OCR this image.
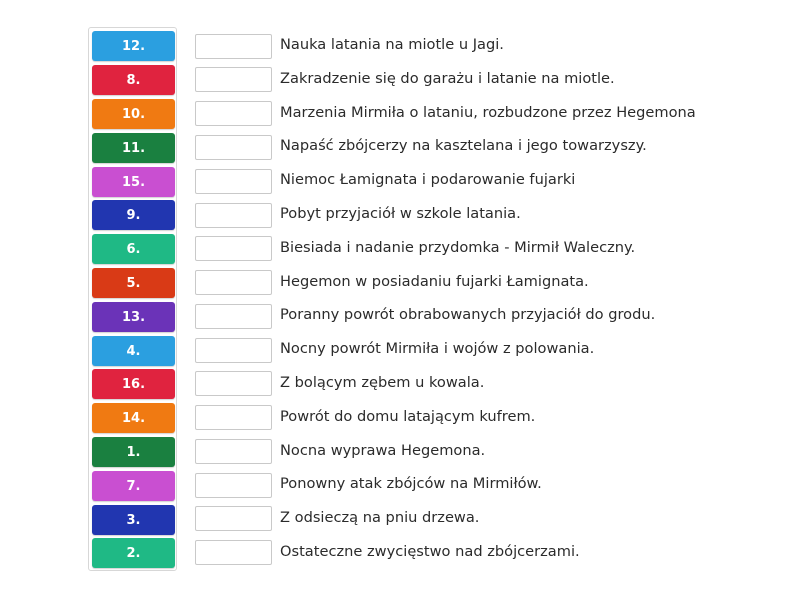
12.
8.
10.
11.
15.
9.
6.
5.
13.
4.
16.
14.
1.
7.
3.
2.
Nauka latania na miotle u Jagi.
Zakradzenie się do garażu i latanie na miotle.
Marzenia Mirmiła o lataniu, rozbudzone przez Hegemona
Napaść zbójcerzy na kasztelana i jego towarzyszy.
Niemoc Łamignata i podarowanie fujarki
Pobyt przyjaciół w szkole latania.
Biesiada i nadanie przydomka - Mirmił Waleczny.
Hegemon w posiadaniu fujarki Łamignata.
Poranny powrót obrabowanych przyjaciół do grodu.
Nocny powrót Mirmiła i wojów z polowania.
Z bolącym zębem u kowala.
Powrót do domu latającym kufrem.
Nocna wyprawa Hegemona.
Ponowny atak zbójców na Mirmiłów.
Z odsieczą na pniu drzewa.
Ostateczne zwycięstwo nad zbójcerzami.
